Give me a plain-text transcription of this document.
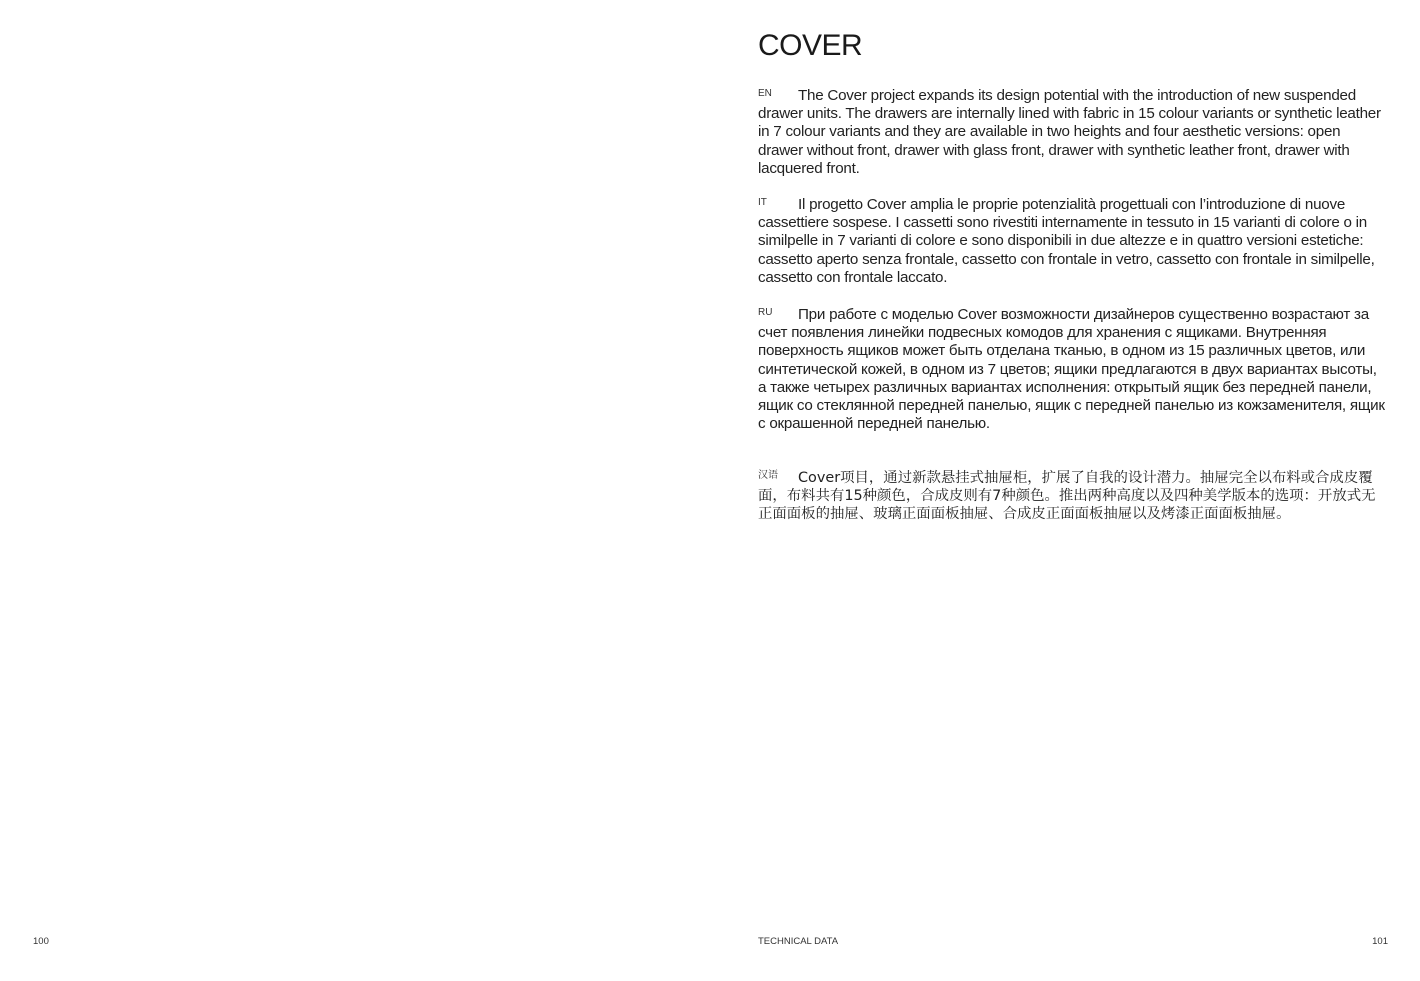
100
COVER

EN The Cover project expands its design potential with the introduction of new suspended drawer units. The drawers are internally lined with fabric in 15 colour variants or synthetic leather in 7 colour variants and they are available in two heights and four aesthetic versions: open drawer without front, drawer with glass front, drawer with synthetic leather front, drawer with lacquered front.

IT Il progetto Cover amplia le proprie potenzialità progettuali con l’introduzione di nuove cassettiere sospese. I cassetti sono rivestiti internamente in tessuto in 15 varianti di colore o in similpelle in 7 varianti di colore e sono disponibili in due altezze e in quattro versioni estetiche: cassetto aperto senza frontale, cassetto con frontale in vetro, cassetto con frontale in similpelle, cassetto con frontale laccato.

RU При работе с моделью Cover возможности дизайнеров существенно возрастают за счет появления линейки подвесных комодов для хранения с ящиками. Внутренняя поверхность ящиков может быть отделана тканью, в одном из 15 различных цветов, или синтетической кожей, в одном из 7 цветов; ящики предлагаются в двух вариантах высоты, а также четырех различных вариантах исполнения: открытый ящик без передней панели, ящик со стеклянной передней панелью, ящик с передней панелью из кожзаменителя, ящик с окрашенной передней панелью.

汉语 Cover项目，通过新款悬挂式抽屉柜，扩展了自我的设计潜力。抽屉完全以布料或合成皮覆面，布料共有15种颜色，合成皮则有7种颜色。推出两种高度以及四种美学版本的选项：开放式无正面面板的抽屉、玻璃正面面板抽屉、合成皮正面面板抽屉以及烤漆正面面板抽屉。

TECHNICAL DATA	101
